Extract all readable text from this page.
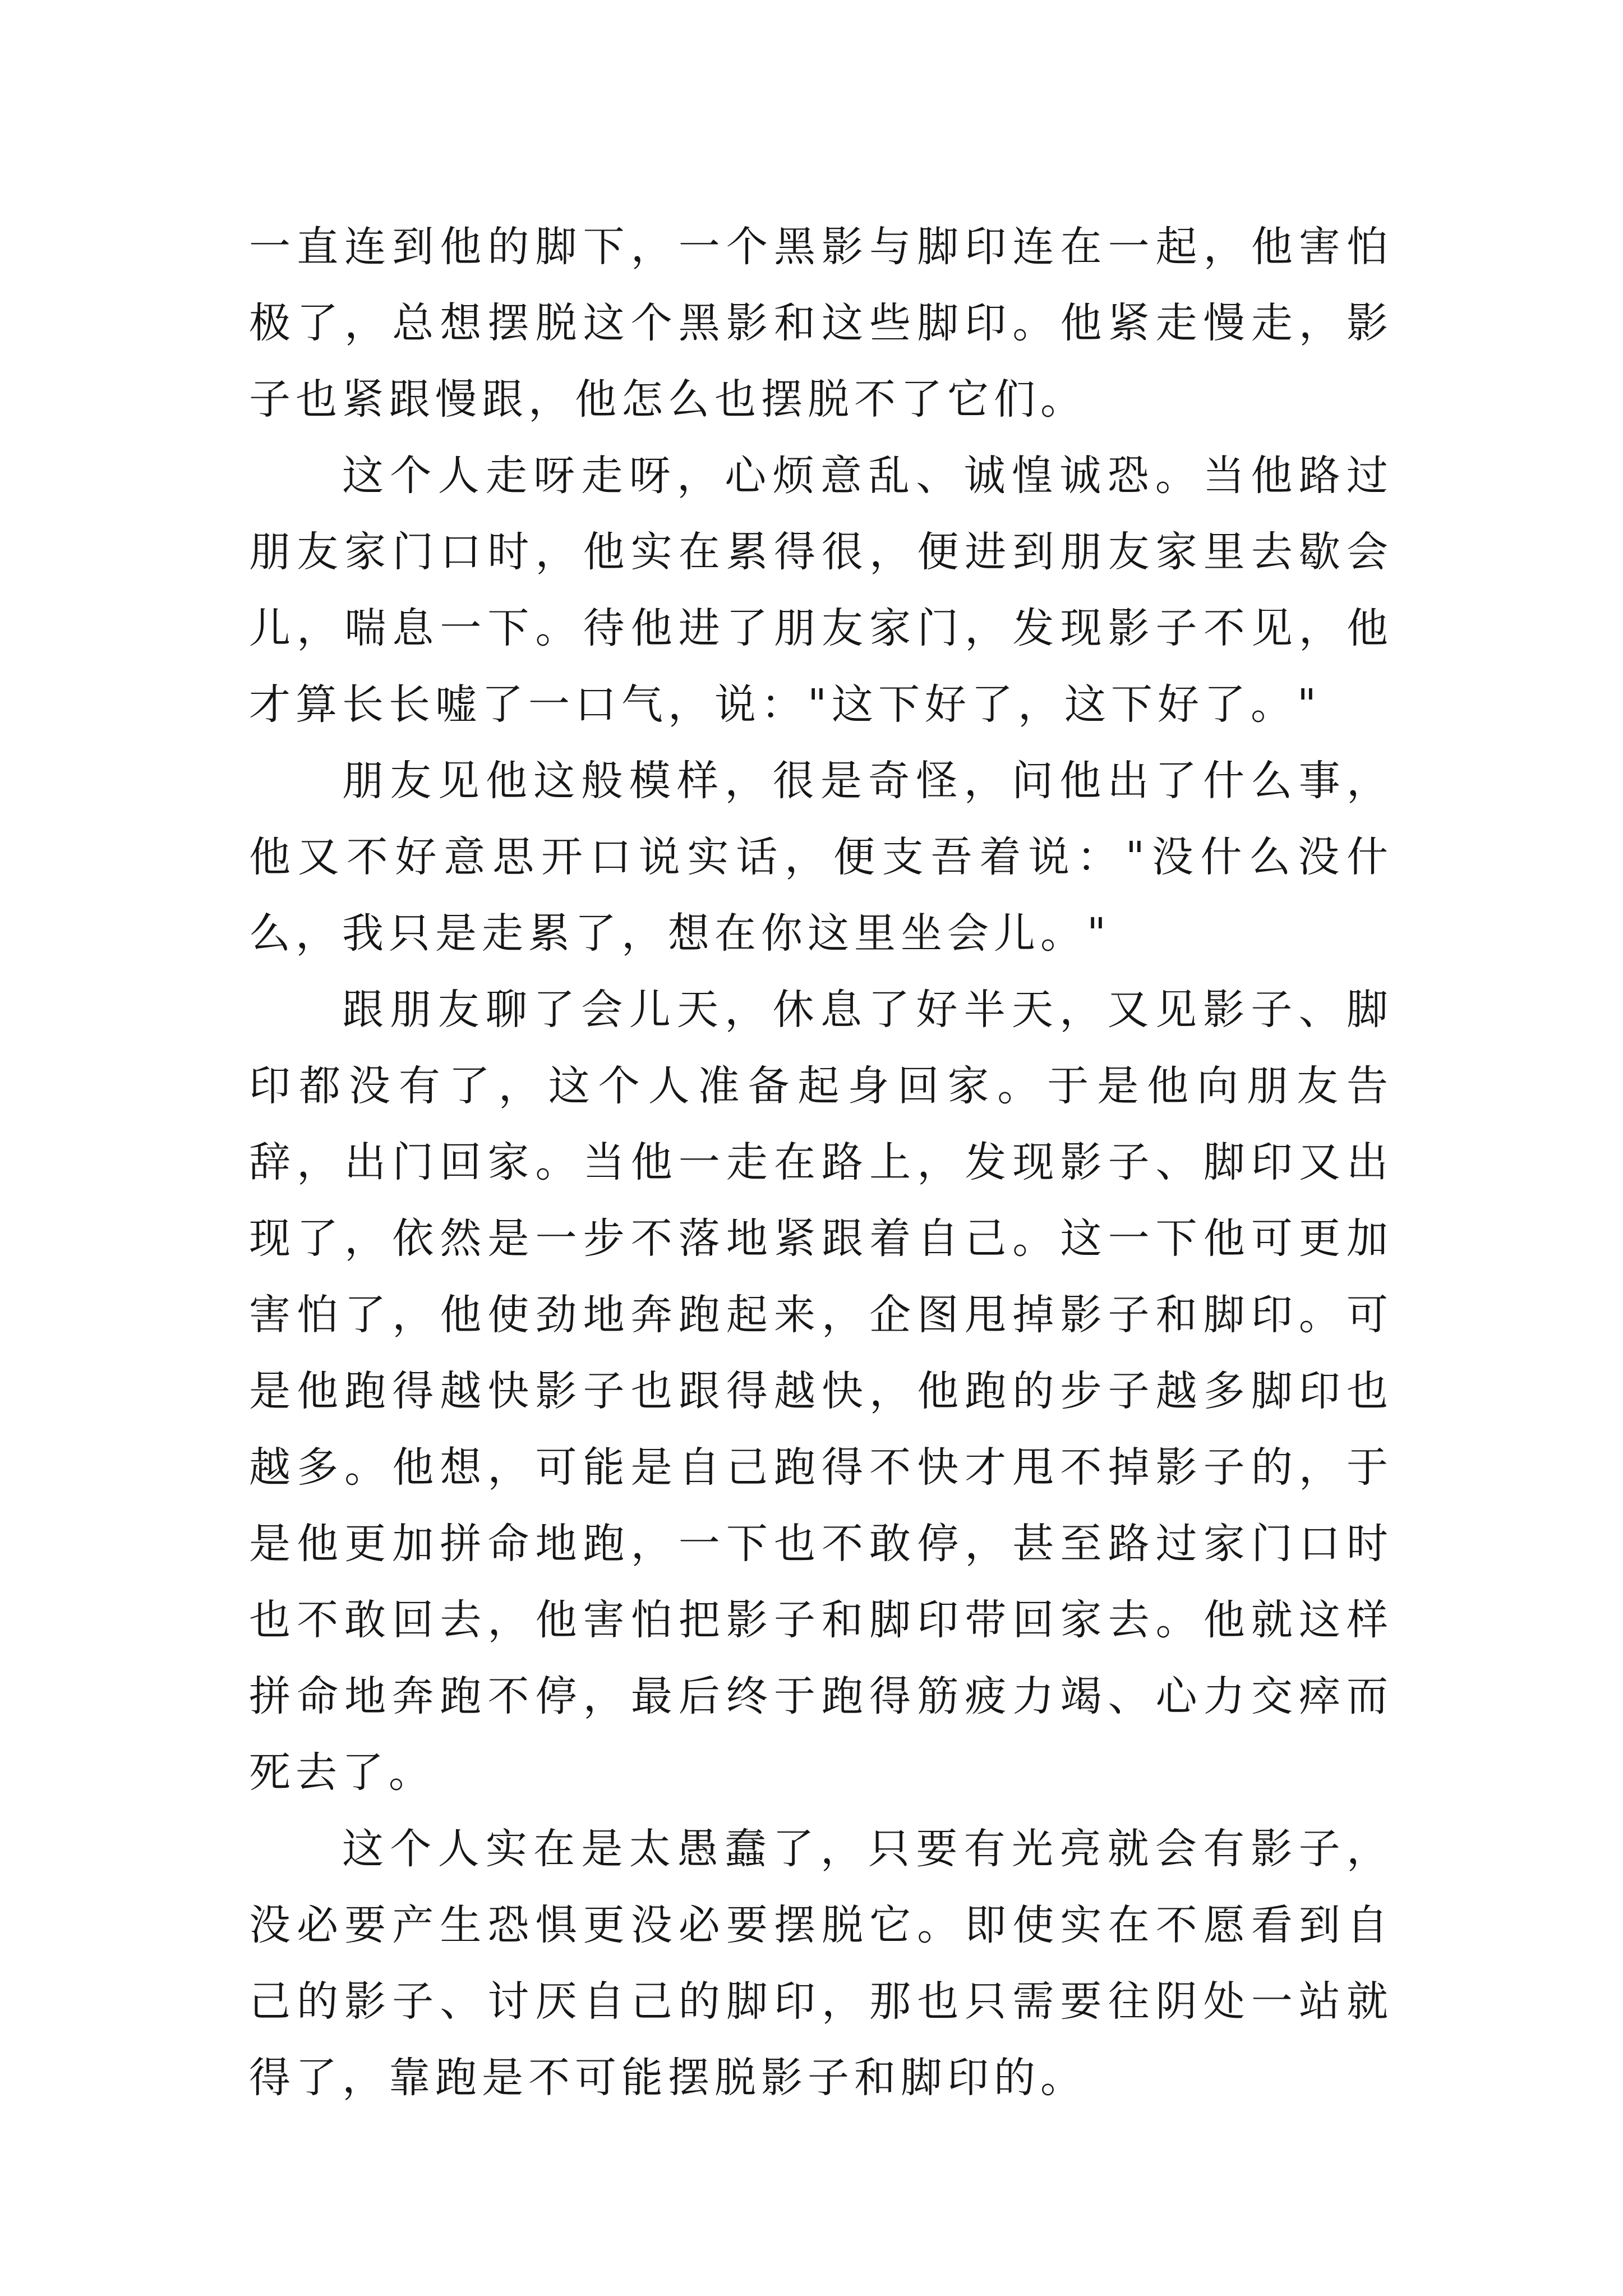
一直连到他的脚下，一个黑影与脚印连在一起，他害怕极了，总想摆脱这个黑影和这些脚印。他紧走慢走，影子也紧跟慢跟，他怎么也摆脱不了它们。

这个人走呀走呀，心烦意乱、诚惶诚恐。当他路过朋友家门口时，他实在累得很，便进到朋友家里去歇会儿，喘息一下。待他进了朋友家门，发现影子不见，他才算长长嘘了一口气，说："这下好了，这下好了。"

朋友见他这般模样，很是奇怪，问他出了什么事，他又不好意思开口说实话，便支吾着说："没什么没什么，我只是走累了，想在你这里坐会儿。"

跟朋友聊了会儿天，休息了好半天，又见影子、脚印都没有了，这个人准备起身回家。于是他向朋友告辞，出门回家。当他一走在路上，发现影子、脚印又出现了，依然是一步不落地紧跟着自己。这一下他可更加害怕了，他使劲地奔跑起来，企图甩掉影子和脚印。可是他跑得越快影子也跟得越快，他跑的步子越多脚印也越多。他想，可能是自己跑得不快才甩不掉影子的，于是他更加拼命地跑，一下也不敢停，甚至路过家门口时也不敢回去，他害怕把影子和脚印带回家去。他就这样拼命地奔跑不停，最后终于跑得筋疲力竭、心力交瘁而死去了。

这个人实在是太愚蠢了，只要有光亮就会有影子，没必要产生恐惧更没必要摆脱它。即使实在不愿看到自己的影子、讨厌自己的脚印，那也只需要往阴处一站就得了，靠跑是不可能摆脱影子和脚印的。
